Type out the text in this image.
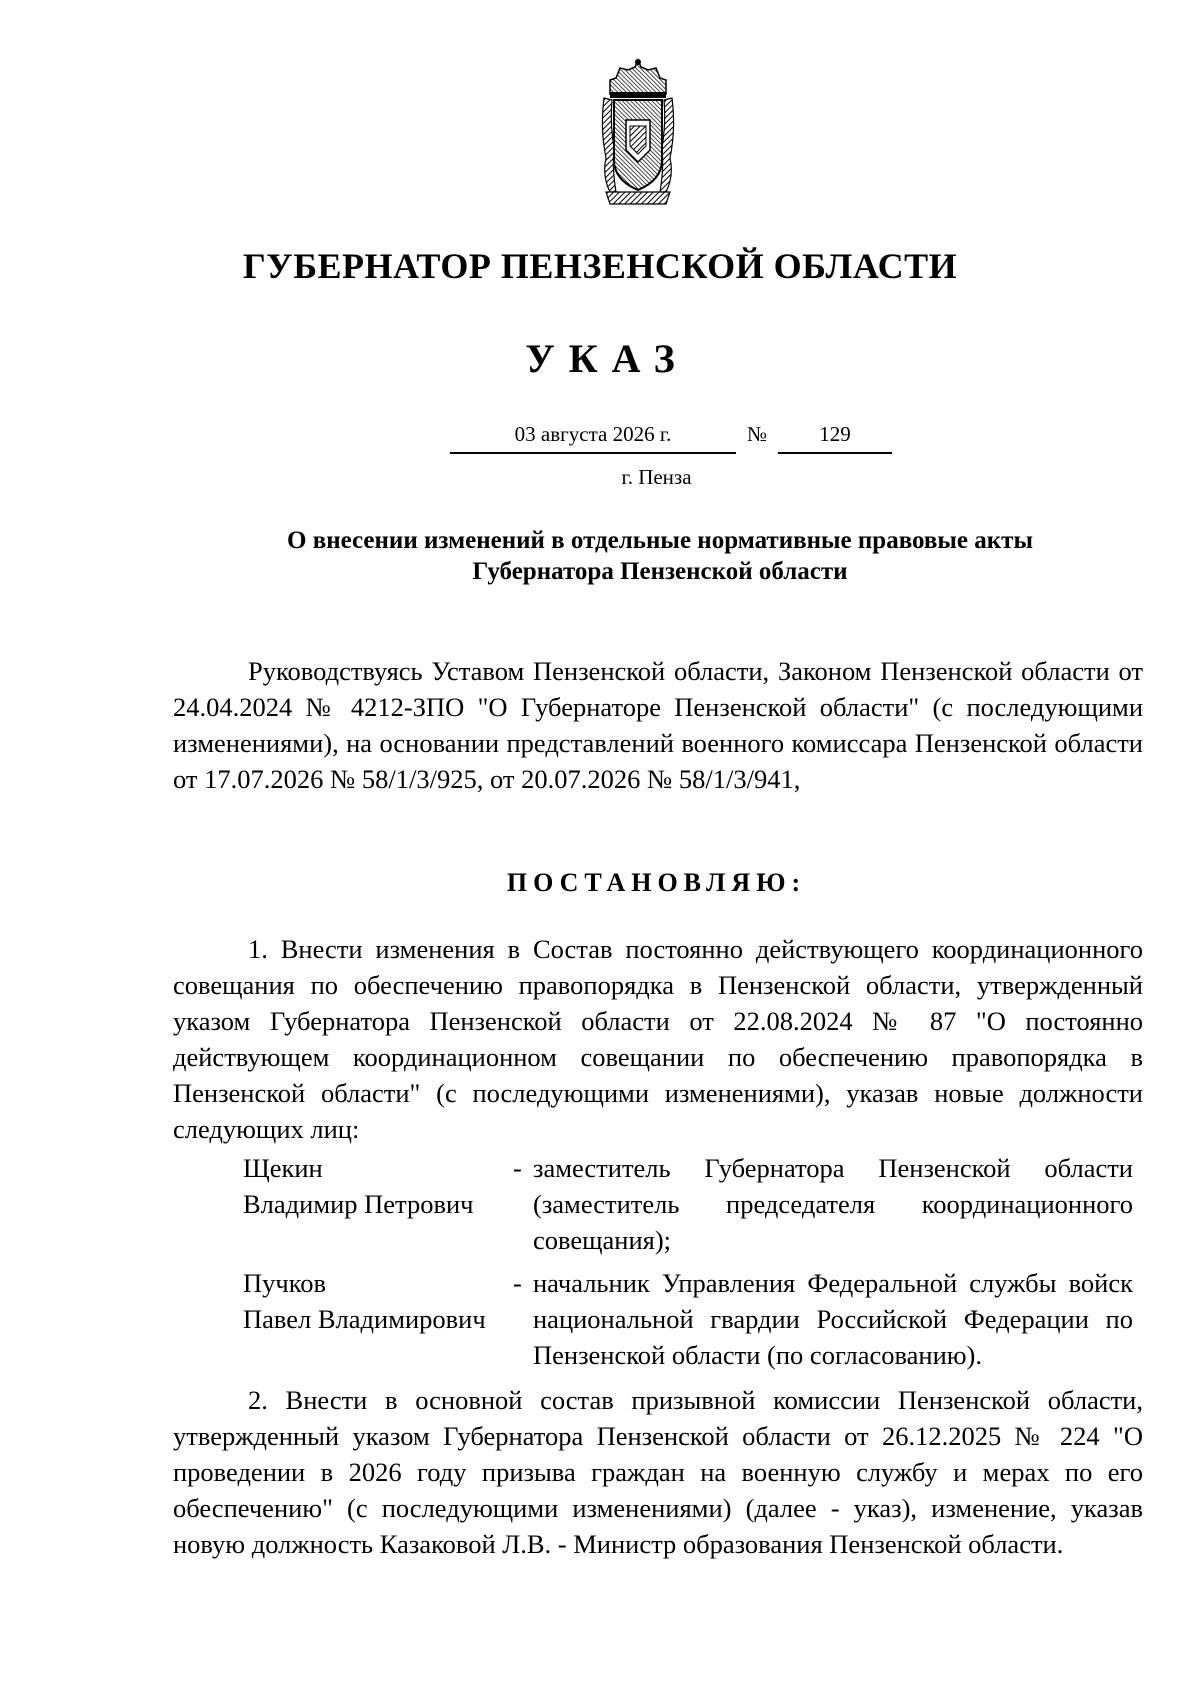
ГУБЕРНАТОР ПЕНЗЕНСКОЙ ОБЛАСТИ
УКАЗ
03 августа 2026 г.	№	129
г. Пенза
О внесении изменений в отдельные нормативные правовые акты
Губернатора Пензенской области
Руководствуясь Уставом Пензенской области, Законом Пензенской области от 24.04.2024 № 4212-ЗПО "О Губернаторе Пензенской области" (с последующими изменениями), на основании представлений военного комиссара Пензенской области от 17.07.2026 № 58/1/3/925, от 20.07.2026 № 58/1/3/941,
ПОСТАНОВЛЯЮ:
1. Внести изменения в Состав постоянно действующего координационного совещания по обеспечению правопорядка в Пензенской области, утвержденный указом Губернатора Пензенской области от 22.08.2024 № 87 "О постоянно действующем координационном совещании по обеспечению правопорядка в Пензенской области" (с последующими изменениями), указав новые должности следующих лиц:
Щекин
Владимир Петрович
- заместитель Губернатора Пензенской области (заместитель председателя координационного совещания);
Пучков
Павел Владимирович
- начальник Управления Федеральной службы войск национальной гвардии Российской Федерации по Пензенской области (по согласованию).
2. Внести в основной состав призывной комиссии Пензенской области, утвержденный указом Губернатора Пензенской области от 26.12.2025 № 224 "О проведении в 2026 году призыва граждан на военную службу и мерах по его обеспечению" (с последующими изменениями) (далее - указ), изменение, указав новую должность Казаковой Л.В. - Министр образования Пензенской области.
